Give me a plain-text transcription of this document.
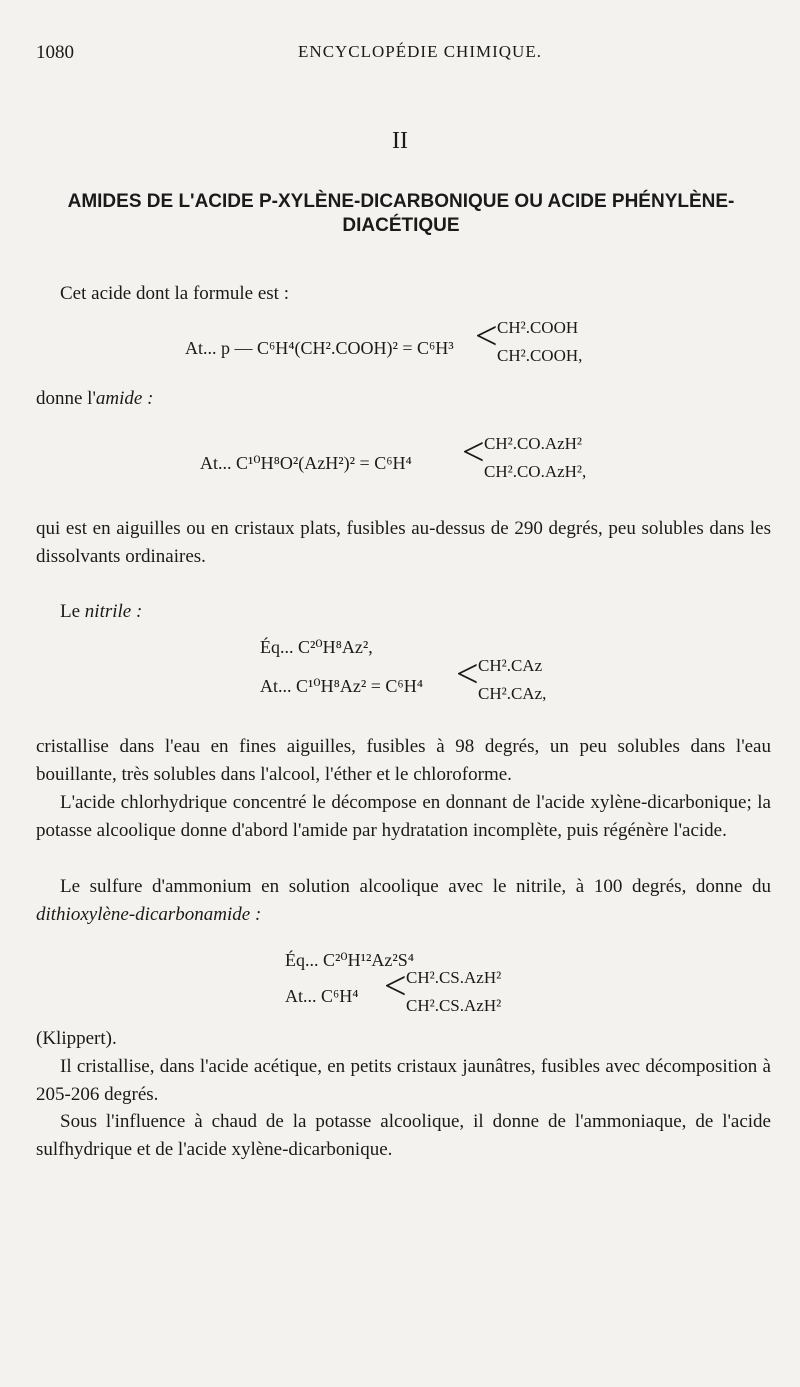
1080	ENCYCLOPÉDIE CHIMIQUE.
II
AMIDES DE L'ACIDE P-XYLÈNE-DICARBONIQUE OU ACIDE PHÉNYLÈNE-DIACÉTIQUE
Cet acide dont la formule est :
At... p — C⁶H⁴(CH².COOH)² = C⁶H³ < CH².COOH
CH².COOH,
donne l'amide :
At... C¹⁰H⁸O²(AzH²)² = C⁶H⁴ < CH².CO.AzH²
CH².CO.AzH²,
qui est en aiguilles ou en cristaux plats, fusibles au-dessus de 290 degrés, peu solubles dans les dissolvants ordinaires.
Le nitrile :
Éq... C²⁰H⁸Az²,
At... C¹⁰H⁸Az² = C⁶H⁴ < CH².CAz
CH².CAz,
cristallise dans l'eau en fines aiguilles, fusibles à 98 degrés, un peu solubles dans l'eau bouillante, très solubles dans l'alcool, l'éther et le chloroforme.
L'acide chlorhydrique concentré le décompose en donnant de l'acide xylène-dicarbonique; la potasse alcoolique donne d'abord l'amide par hydratation incomplète, puis régénère l'acide.
Le sulfure d'ammonium en solution alcoolique avec le nitrile, à 100 degrés, donne du dithioxylène-dicarbonamide :
Éq... C²⁰H¹²Az²S⁴
At... C⁶H⁴ < CH².CS.AzH²
CH².CS.AzH²
(Klippert).
Il cristallise, dans l'acide acétique, en petits cristaux jaunâtres, fusibles avec décomposition à 205-206 degrés.
Sous l'influence à chaud de la potasse alcoolique, il donne de l'ammoniaque, de l'acide sulfhydrique et de l'acide xylène-dicarbonique.
